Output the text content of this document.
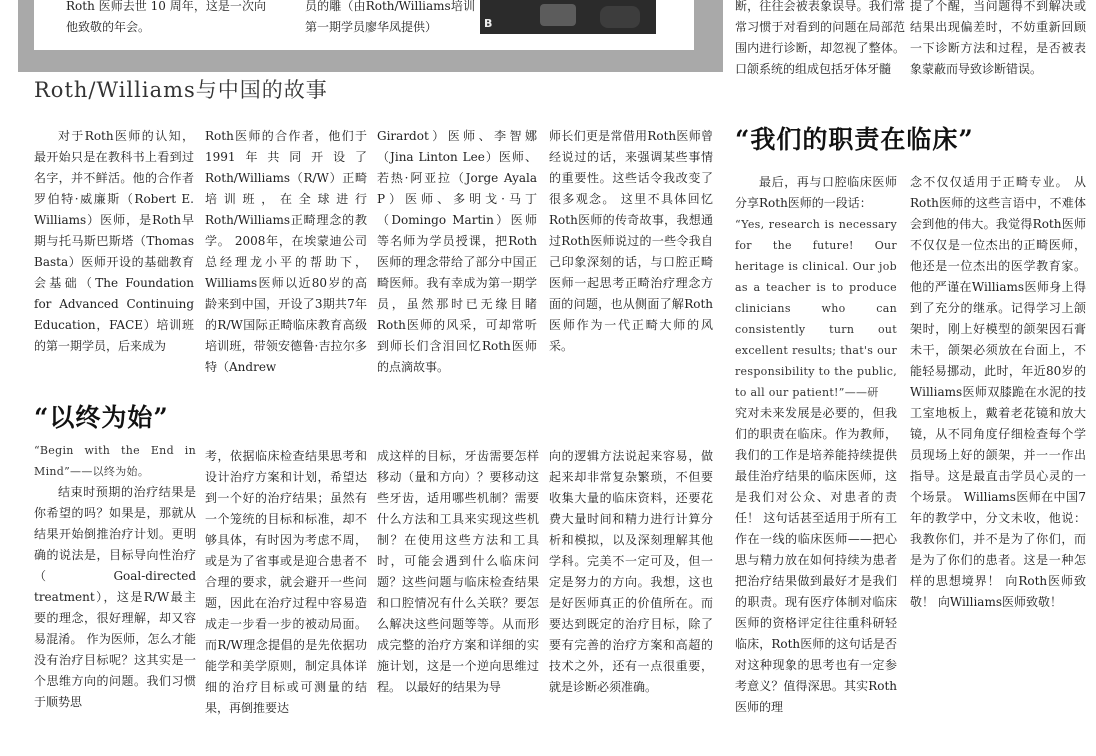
Roth 医师去世 10 周年，这是一次向他致敬的年会。
员的雕（由Roth/Williams培训第一期学员廖华凤提供）	B
断，往往会被表象误导。我们常常习惯于对看到的问题在局部范围内进行诊断，却忽视了整体。口颌系统的组成包括牙体牙髓
提了个醒，当问题得不到解决或结果出现偏差时，不妨重新回顾一下诊断方法和过程，是否被表象蒙蔽而导致诊断错误。
Roth/Williams与中国的故事

对于Roth医师的认知，最开始只是在教科书上看到过名字，并不鲜活。他的合作者罗伯特·威廉斯（Robert E. Williams）医师，是Roth早期与托马斯巴斯塔（Thomas Basta）医师开设的基础教育会基础（The Foundation for Advanced Continuing Education，FACE）培训班的第一期学员，后来成为

Roth医师的合作者，他们于1991年共同开设了Roth/Williams（R/W）正畸培训班，在全球进行Roth/Williams正畸理念的教学。 2008年，在埃蒙迪公司总经理龙小平的帮助下，Williams医师以近80岁的高龄来到中国，开设了3期共7年的R/W国际正畸临床教育高级培训班，带领安德鲁·吉拉尔多特（Andrew

Girardot）医师、李智娜（Jina Linton Lee）医师、若热·阿亚拉（Jorge Ayala P）医师、多明戈·马丁（Domingo Martin）医师等名师为学员授课，把Roth医师的理念带给了部分中国正畸医师。我有幸成为第一期学员，虽然那时已无缘目睹Roth医师的风采，可却常听到师长们含泪回忆Roth医师的点滴故事。

师长们更是常借用Roth医师曾经说过的话，来强调某些事情的重要性。这些话令我改变了很多观念。 这里不具体回忆Roth医师的传奇故事，我想通过Roth医师说过的一些令我自己印象深刻的话，与口腔正畸医师一起思考正畸治疗理念方面的问题，也从侧面了解Roth医师作为一代正畸大师的风采。

“以终为始”

“Begin with the End in Mind”——以终为始。

结束时预期的治疗结果是你希望的吗？如果是，那就从结果开始倒推治疗计划。更明确的说法是，目标导向性治疗（Goal-directed treatment），这是R/W最主要的理念，很好理解，却又容易混淆。 作为医师，怎么才能没有治疗目标呢？这其实是一个思维方向的问题。我们习惯于顺势思

考，依据临床检查结果思考和设计治疗方案和计划，希望达到一个好的治疗结果；虽然有一个笼统的目标和标准，却不够具体，有时因为考虑不周，或是为了省事或是迎合患者不合理的要求，就会避开一些问题，因此在治疗过程中容易造成走一步看一步的被动局面。而R/W理念提倡的是先依据功能学和美学原则，制定具体详细的治疗目标或可测量的结果，再倒推要达

成这样的目标，牙齿需要怎样移动（量和方向）？要移动这些牙齿，适用哪些机制？需要什么方法和工具来实现这些机制？在使用这些方法和工具时，可能会遇到什么临床问题？这些问题与临床检查结果和口腔情况有什么关联？要怎么解决这些问题等等。从而形成完整的治疗方案和详细的实施计划，这是一个逆向思维过程。 以最好的结果为导

向的逻辑方法说起来容易，做起来却非常复杂繁琐，不但要收集大量的临床资料，还要花费大量时间和精力进行计算分析和模拟，以及深刻理解其他学科。完美不一定可及，但一定是努力的方向。我想，这也是好医师真正的价值所在。而要达到既定的治疗目标，除了要有完善的治疗方案和高超的技术之外，还有一点很重要，就是诊断必须准确。

“我们的职责在临床”

最后，再与口腔临床医师分享Roth医师的一段话：

“Yes, research is necessary for the future! Our heritage is clinical. Our job as a teacher is to produce clinicians who can consistently turn out excellent results; that's our responsibility to the public, to all our patient!”——研

究对未来发展是必要的，但我们的职责在临床。作为教师，我们的工作是培养能持续提供最佳治疗结果的临床医师，这是我们对公众、对患者的责任！ 这句话甚至适用于所有工作在一线的临床医师——把心思与精力放在如何持续为患者把治疗结果做到最好才是我们的职责。现有医疗体制对临床医师的资格评定往往重科研轻临床，Roth医师的这句话是否对这种现象的思考也有一定参考意义？值得深思。其实Roth医师的理

念不仅仅适用于正畸专业。 从Roth医师的这些言语中，不难体会到他的伟大。我觉得Roth医师不仅仅是一位杰出的正畸医师，他还是一位杰出的医学教育家。他的严谨在Williams医师身上得到了充分的继承。记得学习上颌架时，刚上好模型的颌架因石膏未干，颌架必须放在台面上，不能轻易挪动，此时，年近80岁的Williams医师双膝跪在水泥的技工室地板上，戴着老花镜和放大镜，从不同角度仔细检查每个学员现场上好的颌架，并一一作出指导。这是最直击学员心灵的一个场景。 Williams医师在中国7年的教学中，分文未收，他说：我教你们，并不是为了你们，而是为了你们的患者。这是一种怎样的思想境界！ 向Roth医师致敬！ 向Williams医师致敬！
